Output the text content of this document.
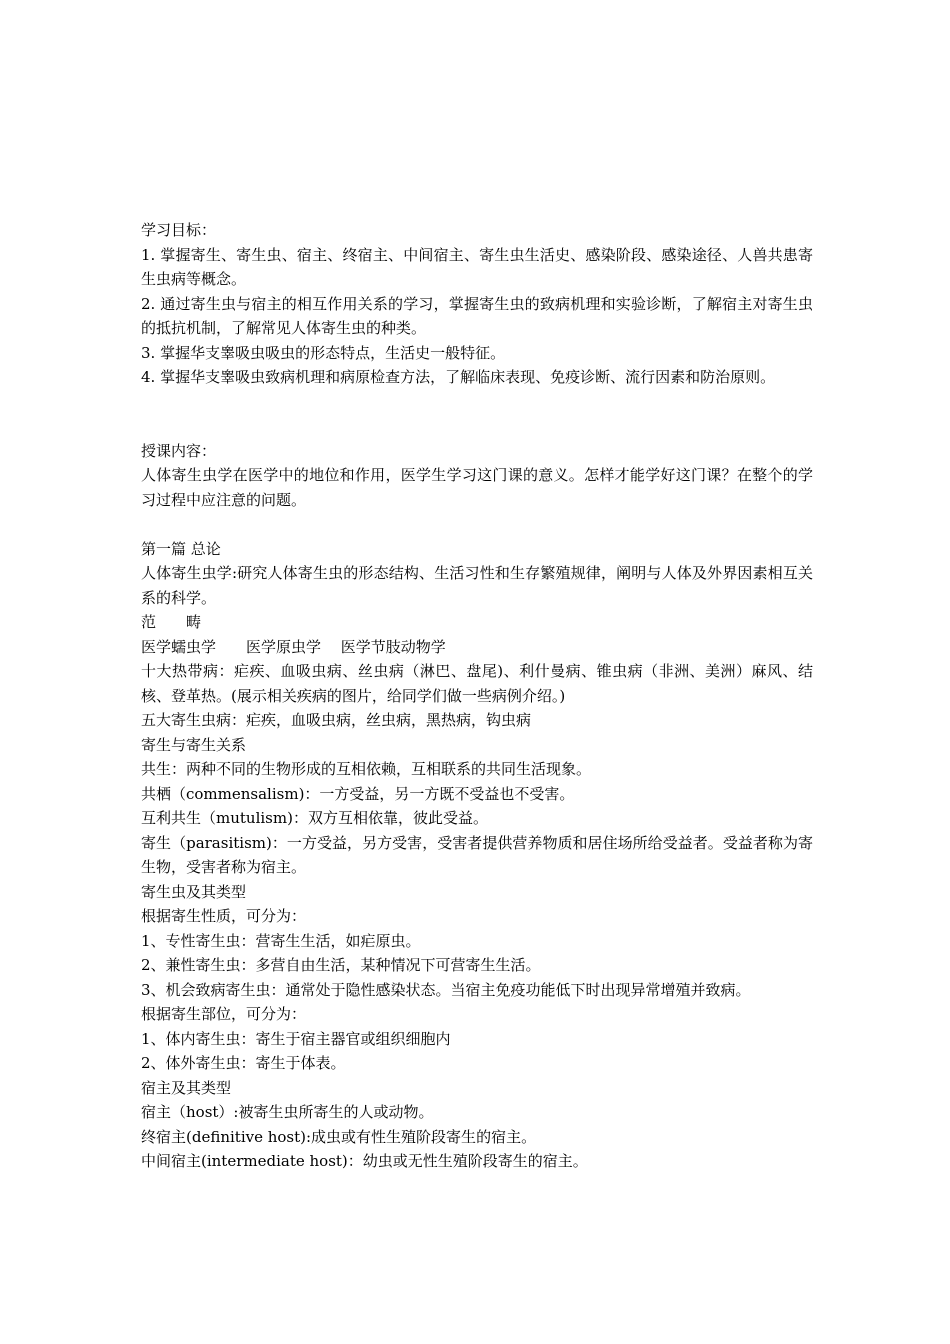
学习目标：

1. 掌握寄生、寄生虫、宿主、终宿主、中间宿主、寄生虫生活史、感染阶段、感染途径、人兽共患寄生虫病等概念。

2. 通过寄生虫与宿主的相互作用关系的学习，掌握寄生虫的致病机理和实验诊断，了解宿主对寄生虫的抵抗机制，了解常见人体寄生虫的种类。

3. 掌握华支睾吸虫吸虫的形态特点，生活史一般特征。

4. 掌握华支睾吸虫致病机理和病原检查方法，了解临床表现、免疫诊断、流行因素和防治原则。

授课内容：

人体寄生虫学在医学中的地位和作用，医学生学习这门课的意义。怎样才能学好这门课？在整个的学习过程中应注意的问题。

第一篇 总论

人体寄生虫学:研究人体寄生虫的形态结构、生活习性和生存繁殖规律，阐明与人体及外界因素相互关系的科学。

范　　畴

医学蠕虫学　　医学原虫学　 医学节肢动物学

十大热带病：疟疾、血吸虫病、丝虫病（淋巴、盘尾)、利什曼病、锥虫病（非洲、美洲）麻风、结核、登革热。(展示相关疾病的图片，给同学们做一些病例介绍。)

五大寄生虫病：疟疾，血吸虫病，丝虫病，黑热病，钩虫病

寄生与寄生关系

共生：两种不同的生物形成的互相依赖，互相联系的共同生活现象。

共栖（commensalism)：一方受益，另一方既不受益也不受害。

互利共生（mutulism)：双方互相依靠，彼此受益。

寄生（parasitism)：一方受益，另方受害，受害者提供营养物质和居住场所给受益者。受益者称为寄生物，受害者称为宿主。

寄生虫及其类型

根据寄生性质，可分为：

1、专性寄生虫：营寄生生活，如疟原虫。

2、兼性寄生虫：多营自由生活，某种情况下可营寄生生活。

3、机会致病寄生虫：通常处于隐性感染状态。当宿主免疫功能低下时出现异常增殖并致病。

根据寄生部位，可分为：

1、体内寄生虫：寄生于宿主器官或组织细胞内

2、体外寄生虫：寄生于体表。

宿主及其类型

宿主（host）:被寄生虫所寄生的人或动物。

终宿主(definitive host):成虫或有性生殖阶段寄生的宿主。

中间宿主(intermediate host)：幼虫或无性生殖阶段寄生的宿主。
